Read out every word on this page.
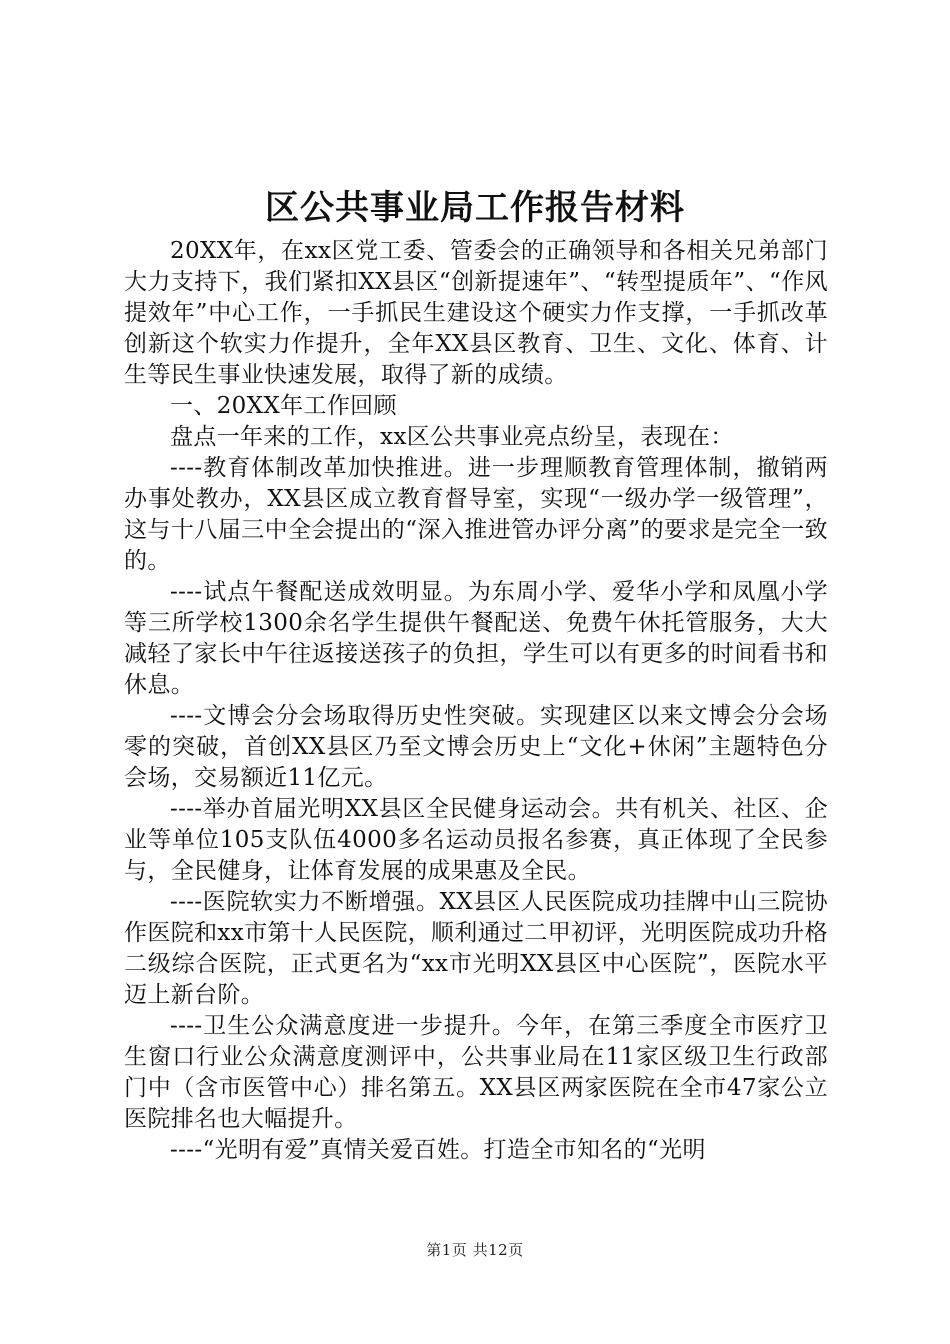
区公共事业局工作报告材料

20XX年，在xx区党工委、管委会的正确领导和各相关兄弟部门大力支持下，我们紧扣XX县区“创新提速年”、“转型提质年”、“作风提效年”中心工作，一手抓民生建设这个硬实力作支撑，一手抓改革创新这个软实力作提升，全年XX县区教育、卫生、文化、体育、计生等民生事业快速发展，取得了新的成绩。

一、20XX年工作回顾

盘点一年来的工作，xx区公共事业亮点纷呈，表现在：

----教育体制改革加快推进。进一步理顺教育管理体制，撤销两办事处教办，XX县区成立教育督导室，实现“一级办学一级管理”，这与十八届三中全会提出的“深入推进管办评分离”的要求是完全一致的。

----试点午餐配送成效明显。为东周小学、爱华小学和凤凰小学等三所学校1300余名学生提供午餐配送、免费午休托管服务，大大减轻了家长中午往返接送孩子的负担，学生可以有更多的时间看书和休息。

----文博会分会场取得历史性突破。实现建区以来文博会分会场零的突破，首创XX县区乃至文博会历史上“文化+休闲”主题特色分会场，交易额近11亿元。

----举办首届光明XX县区全民健身运动会。共有机关、社区、企业等单位105支队伍4000多名运动员报名参赛，真正体现了全民参与，全民健身，让体育发展的成果惠及全民。

----医院软实力不断增强。XX县区人民医院成功挂牌中山三院协作医院和xx市第十人民医院，顺利通过二甲初评，光明医院成功升格二级综合医院，正式更名为“xx市光明XX县区中心医院”，医院水平迈上新台阶。

----卫生公众满意度进一步提升。今年，在第三季度全市医疗卫生窗口行业公众满意度测评中，公共事业局在11家区级卫生行政部门中（含市医管中心）排名第五。XX县区两家医院在全市47家公立医院排名也大幅提升。

----“光明有爱”真情关爱百姓。打造全市知名的“光明

第1页 共12页
